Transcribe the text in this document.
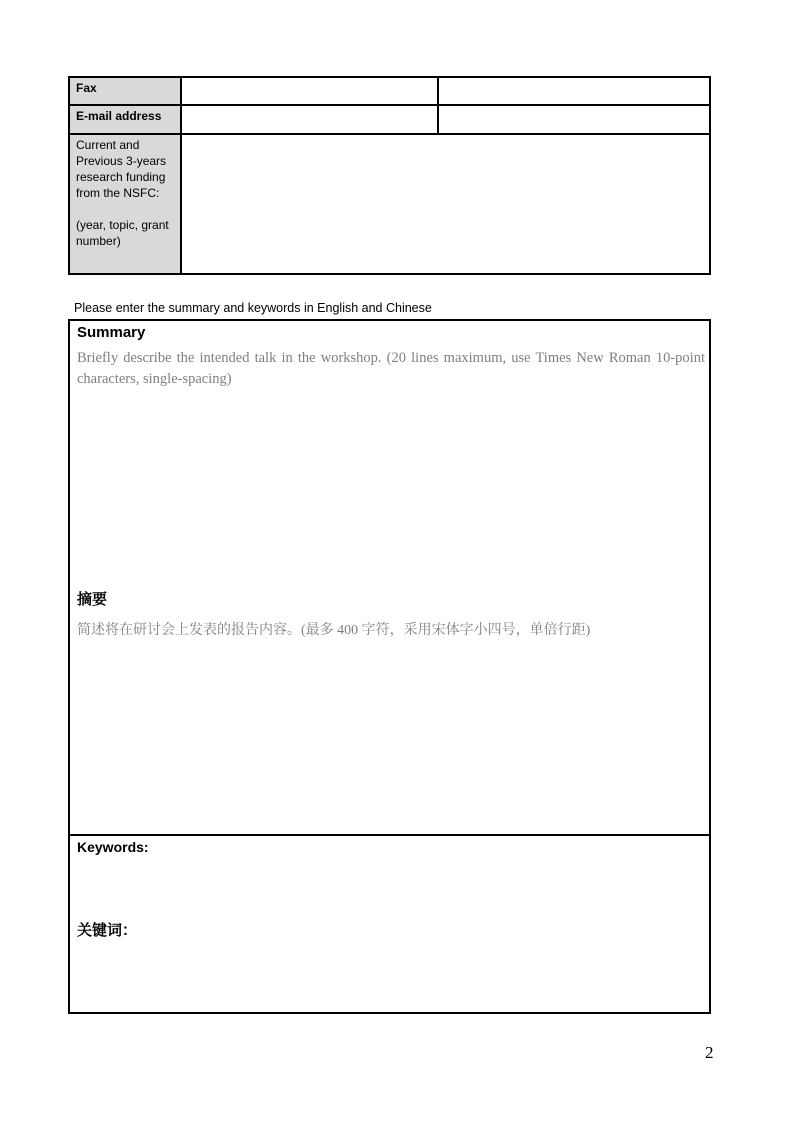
Fax
E-mail address
Current and Previous 3-years research funding from the NSFC:
(year, topic, grant number)
Please enter the summary and keywords in English and Chinese
Summary
Briefly describe the intended talk in the workshop. (20 lines maximum, use Times New Roman 10-point characters, single-spacing)
摘要
简述将在研讨会上发表的报告内容。(最多 400 字符，采用宋体字小四号，单倍行距)
Keywords:
关键词：
2
